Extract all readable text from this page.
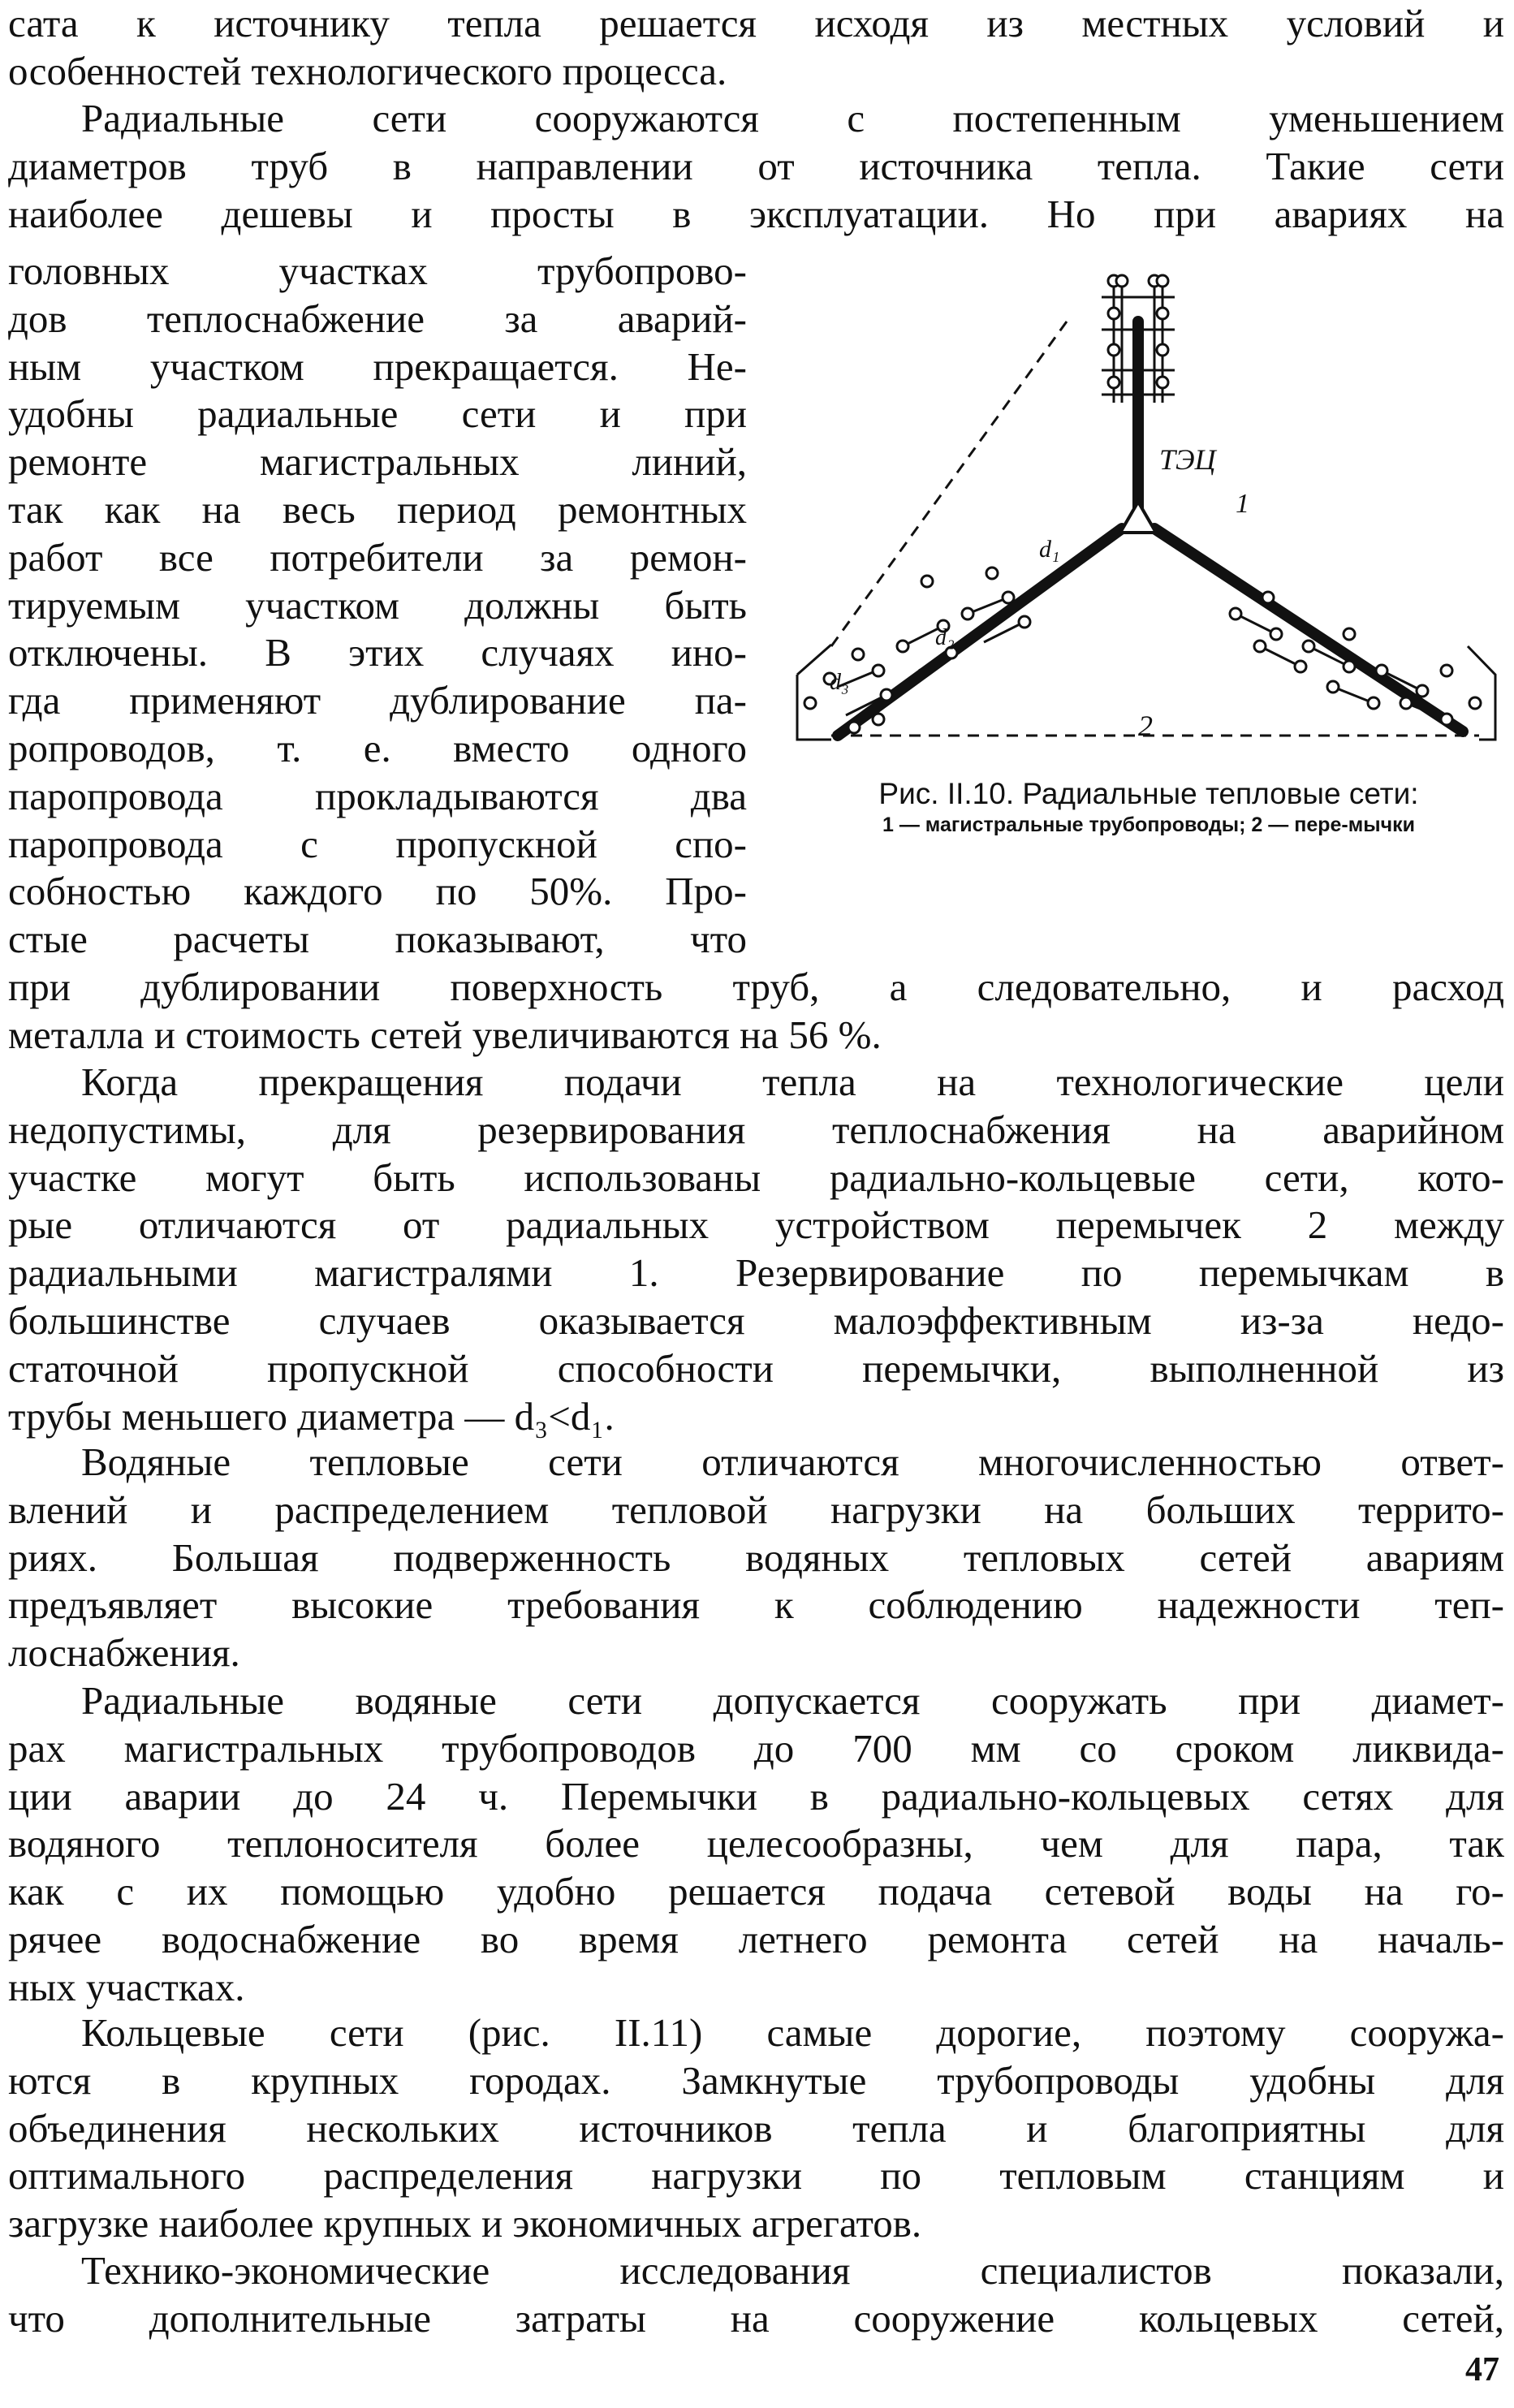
сата к источнику тепла решается исходя из местных условий и
особенностей технологического процесса.
Радиальные сети сооружаются с постепенным уменьшением
диаметров труб в направлении от источника тепла. Такие сети
наиболее дешевы и просты в эксплуатации. Но при авариях на
головных участках трубопрово-
дов теплоснабжение за аварий-
ным участком прекращается. Не-
удобны радиальные сети и при
ремонте магистральных линий,
так как на весь период ремонтных
работ все потребители за ремон-
тируемым участком должны быть
отключены. В этих случаях ино-
гда применяют дублирование па-
ропроводов, т. е. вместо одного
паропровода прокладываются два
паропровода с пропускной спо-
собностью каждого по 50%. Про-
стые расчеты показывают, что
ТЭЦ
1
2
d₁
d₂
d₃
Рис. II.10. Радиальные тепловые сети:
1 — магистральные трубопроводы; 2 — пере-мычки
при дублировании поверхность труб, а следовательно, и расход
металла и стоимость сетей увеличиваются на 56 %.
Когда прекращения подачи тепла на технологические цели
недопустимы, для резервирования теплоснабжения на аварийном
участке могут быть использованы радиально-кольцевые сети, кото-
рые отличаются от радиальных устройством перемычек 2 между
радиальными магистралями 1. Резервирование по перемычкам в
большинстве случаев оказывается малоэффективным из-за недо-
статочной пропускной способности перемычки, выполненной из
трубы меньшего диаметра — d₃<d₁.
Водяные тепловые сети отличаются многочисленностью ответ-
влений и распределением тепловой нагрузки на больших террито-
риях. Большая подверженность водяных тепловых сетей авариям
предъявляет высокие требования к соблюдению надежности теп-
лоснабжения.
Радиальные водяные сети допускается сооружать при диамет-
рах магистральных трубопроводов до 700 мм со сроком ликвида-
ции аварии до 24 ч. Перемычки в радиально-кольцевых сетях для
водяного теплоносителя более целесообразны, чем для пара, так
как с их помощью удобно решается подача сетевой воды на го-
рячее водоснабжение во время летнего ремонта сетей на началь-
ных участках.
Кольцевые сети (рис. II.11) самые дорогие, поэтому сооружа-
ются в крупных городах. Замкнутые трубопроводы удобны для
объединения нескольких источников тепла и благоприятны для
оптимального распределения нагрузки по тепловым станциям и
загрузке наиболее крупных и экономичных агрегатов.
Технико-экономические исследования специалистов показали,
что дополнительные затраты на сооружение кольцевых сетей,
47
